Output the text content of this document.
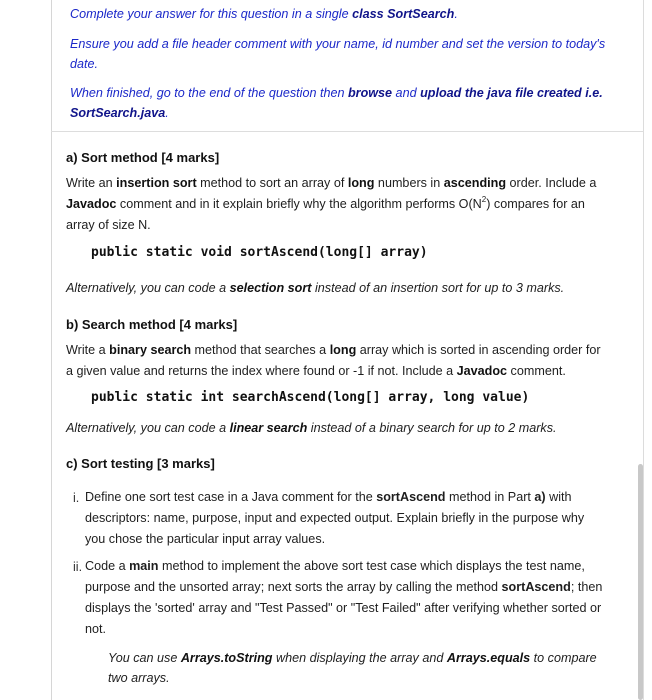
Complete your answer for this question in a single class SortSearch.
Ensure you add a file header comment with your name, id number and set the version to today's
date.
When finished, go to the end of the question then browse and upload the java file created i.e.
SortSearch.java.
a) Sort method [4 marks]
Write an insertion sort method to sort an array of long numbers in ascending order. Include a
Javadoc comment and in it explain briefly why the algorithm performs $O(N^2)$ compares for an
array of size N.
public static void sortAscend(long[] array)
Alternatively, you can code a selection sort instead of an insertion sort for up to 3 marks.
b) Search method [4 marks]
Write a binary search method that searches a long array which is sorted in ascending order for
a given value and returns the index where found or -1 if not. Include a Javadoc comment.
public static int searchAscend(long[] array, long value)
Alternatively, you can code a linear search instead of a binary search for up to 2 marks.
c) Sort testing [3 marks]
i. Define one sort test case in a Java comment for the sortAscend method in Part a) with
descriptors: name, purpose, input and expected output. Explain briefly in the purpose why
you chose the particular input array values.
ii. Code a main method to implement the above sort test case which displays the test name,
purpose and the unsorted array; next sorts the array by calling the method sortAscend; then
displays the 'sorted' array and "Test Passed" or "Test Failed" after verifying whether sorted or
not.
You can use Arrays.toString when displaying the array and Arrays.equals to compare
two arrays.
